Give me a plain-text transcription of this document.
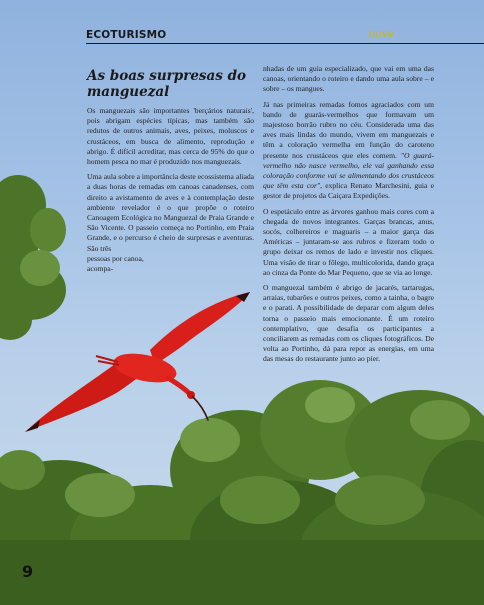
ECOTURISMO	nove
As boas surpresas do manguezal

Os manguezais são importantes 'berçários naturais', pois abrigam espécies típicas, mas também são redutos de outros animais, aves, peixes, moluscos e crustáceos, em busca de alimento, reprodução e abrigo. É difícil acreditar, mas cerca de 95% do que o homem pesca no mar é produzido nos manguezais.

Uma aula sobre a importância deste ecossistema aliada a duas horas de remadas em canoas canadenses, com direito a avistamento de aves e à contemplação deste ambiente revelador é o que propõe o roteiro Canoagem Ecológica no Manguezal de Praia Grande e São Vicente. O passeio começa no Portinho, em Praia Grande, e o percurso é cheio de surpresas e aventuras. São três

pessoas por canoa,
acompa-

nhadas de um guia especializado, que vai em uma das canoas, orientando o roteiro e dando uma aula sobre – e sobre – os mangues.

Já nas primeiras remadas fomos agraciados com um bando de guarás-vermelhos que formavam um majestoso borrão rubro no céu. Considerada uma das aves mais lindas do mundo, vivem em manguezais e têm a coloração vermelha em função do caroteno presente nos crustáceos que eles comem. "O guará-vermelho não nasce vermelho, ele vai ganhando essa coloração conforme vai se alimentando dos crustáceos que têm esta cor", explica Renato Marchesini, guia e gestor de projetos da Caiçara Expedições.

O espetáculo entre as árvores ganhou mais cores com a chegada de novos integrantes. Garças brancas, anus, socós, colhereiros e maguaris – a maior garça das Américas – juntaram-se aos rubros e fizeram todo o grupo deixar os remos de lado e investir nos cliques. Uma visão de tirar o fôlego, multicolorida, dando graça ao cinza da Ponte do Mar Pequeno, que se via ao longe.

O manguezal também é abrigo de jacarés, tartarugas, arraias, tubarões e outros peixes, como a tainha, o bagre e o parati. A possibilidade de deparar com algum deles torna o passeio mais emocionante. É um roteiro contemplativo, que desafia os participantes a conciliarem as remadas com os cliques fotográficos. De volta ao Portinho, dá para repor as energias, em uma das mesas do restaurante junto ao píer.

9
